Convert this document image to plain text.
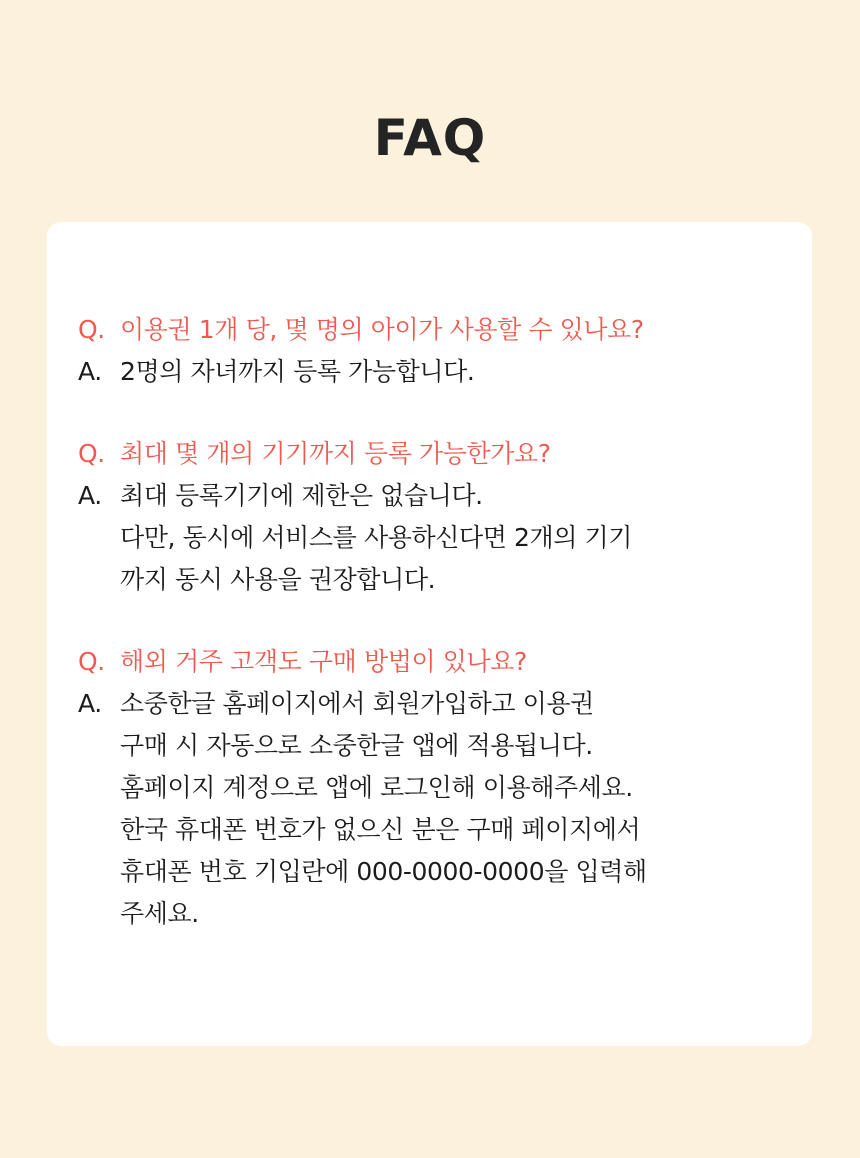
FAQ
Q. 이용권 1개 당, 몇 명의 아이가 사용할 수 있나요?
A. 2명의 자녀까지 등록 가능합니다.
Q. 최대 몇 개의 기기까지 등록 가능한가요?
A. 최대 등록기기에 제한은 없습니다.
다만, 동시에 서비스를 사용하신다면 2개의 기기
까지 동시 사용을 권장합니다.
Q. 해외 거주 고객도 구매 방법이 있나요?
A. 소중한글 홈페이지에서 회원가입하고 이용권
구매 시 자동으로 소중한글 앱에 적용됩니다.
홈페이지 계정으로 앱에 로그인해 이용해주세요.
한국 휴대폰 번호가 없으신 분은 구매 페이지에서
휴대폰 번호 기입란에 000-0000-0000을 입력해
주세요.
